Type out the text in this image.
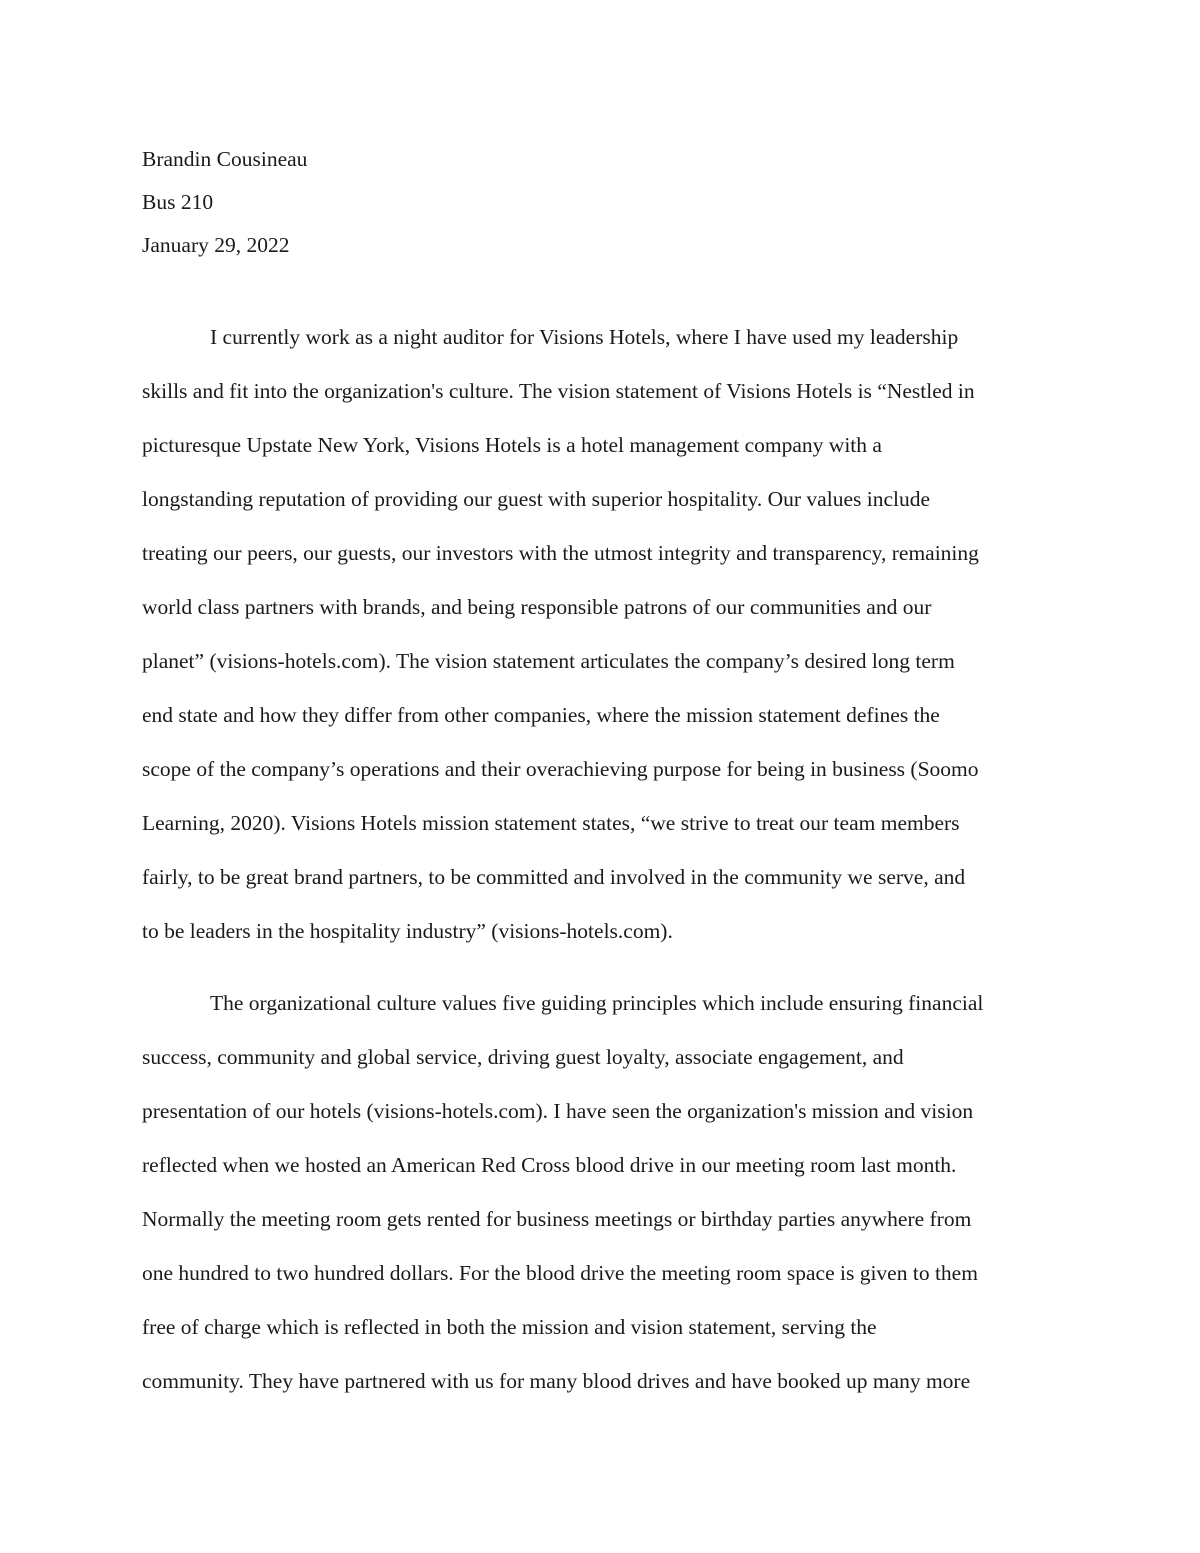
Brandin Cousineau

Bus 210

January 29, 2022

I currently work as a night auditor for Visions Hotels, where I have used my leadership
skills and fit into the organization's culture. The vision statement of Visions Hotels is “Nestled in
picturesque Upstate New York, Visions Hotels is a hotel management company with a
longstanding reputation of providing our guest with superior hospitality. Our values include
treating our peers, our guests, our investors with the utmost integrity and transparency, remaining
world class partners with brands, and being responsible patrons of our communities and our
planet” (visions-hotels.com). The vision statement articulates the company’s desired long term
end state and how they differ from other companies, where the mission statement defines the
scope of the company’s operations and their overachieving purpose for being in business (Soomo
Learning, 2020). Visions Hotels mission statement states, “we strive to treat our team members
fairly, to be great brand partners, to be committed and involved in the community we serve, and
to be leaders in the hospitality industry” (visions-hotels.com).
The organizational culture values five guiding principles which include ensuring financial
success, community and global service, driving guest loyalty, associate engagement, and
presentation of our hotels (visions-hotels.com). I have seen the organization's mission and vision
reflected when we hosted an American Red Cross blood drive in our meeting room last month.
Normally the meeting room gets rented for business meetings or birthday parties anywhere from
one hundred to two hundred dollars. For the blood drive the meeting room space is given to them
free of charge which is reflected in both the mission and vision statement, serving the
community. They have partnered with us for many blood drives and have booked up many more
